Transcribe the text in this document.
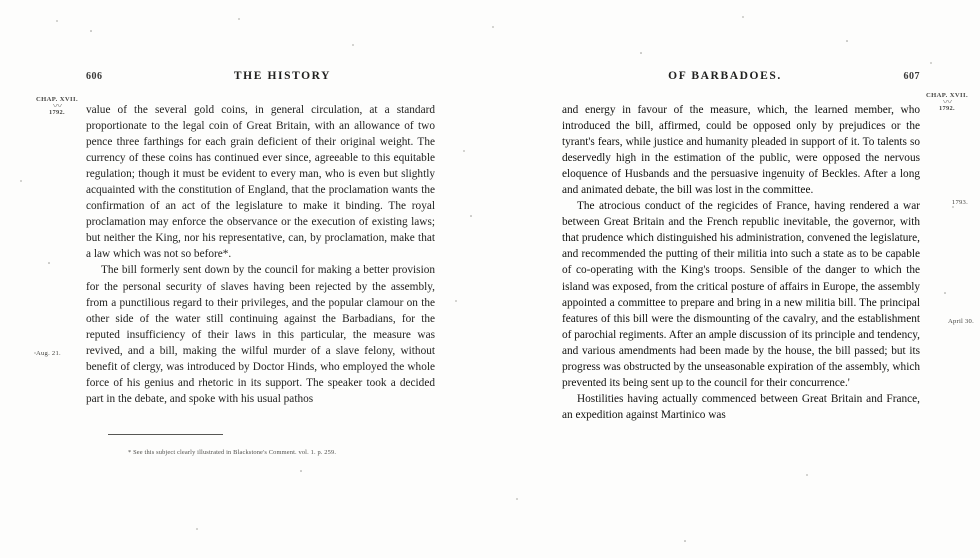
606	THE HISTORY
CHAP. XVII.
〰
1792.
Aug. 21.

value of the several gold coins, in general circulation, at a standard proportionate to the legal coin of Great Britain, with an allowance of two pence three farthings for each grain deficient of their original weight. The currency of these coins has continued ever since, agreeable to this equitable regulation; though it must be evident to every man, who is even but slightly acquainted with the constitution of England, that the proclamation wants the confirmation of an act of the legislature to make it binding. The royal proclamation may enforce the observance or the execution of existing laws; but neither the King, nor his representative, can, by proclamation, make that a law which was not so before*.

The bill formerly sent down by the council for making a better provision for the personal security of slaves having been rejected by the assembly, from a punctilious regard to their privileges, and the popular clamour on the other side of the water still continuing against the Barbadians, for the reputed insufficiency of their laws in this particular, the measure was revived, and a bill, making the wilful murder of a slave felony, without benefit of clergy, was introduced by Doctor Hinds, who employed the whole force of his genius and rhetoric in its support. The speaker took a decided part in the debate, and spoke with his usual pathos

* See this subject clearly illustrated in Blackstone's Comment. vol. 1. p. 259.
OF BARBADOES.	607
CHAP. XVII.
〰
1792.
1793.
April 30.

and energy in favour of the measure, which, the learned member, who introduced the bill, affirmed, could be opposed only by prejudices or the tyrant's fears, while justice and humanity pleaded in support of it. To talents so deservedly high in the estimation of the public, were opposed the nervous eloquence of Husbands and the persuasive ingenuity of Beckles. After a long and animated debate, the bill was lost in the committee.

The atrocious conduct of the regicides of France, having rendered a war between Great Britain and the French republic inevitable, the governor, with that prudence which distinguished his administration, convened the legislature, and recommended the putting of their militia into such a state as to be capable of co-operating with the King's troops. Sensible of the danger to which the island was exposed, from the critical posture of affairs in Europe, the assembly appointed a committee to prepare and bring in a new militia bill. The principal features of this bill were the dismounting of the cavalry, and the establishment of parochial regiments. After an ample discussion of its principle and tendency, and various amendments had been made by the house, the bill passed; but its progress was obstructed by the unseasonable expiration of the assembly, which prevented its being sent up to the council for their concurrence.'

Hostilities having actually commenced between Great Britain and France, an expedition against Martinico was
